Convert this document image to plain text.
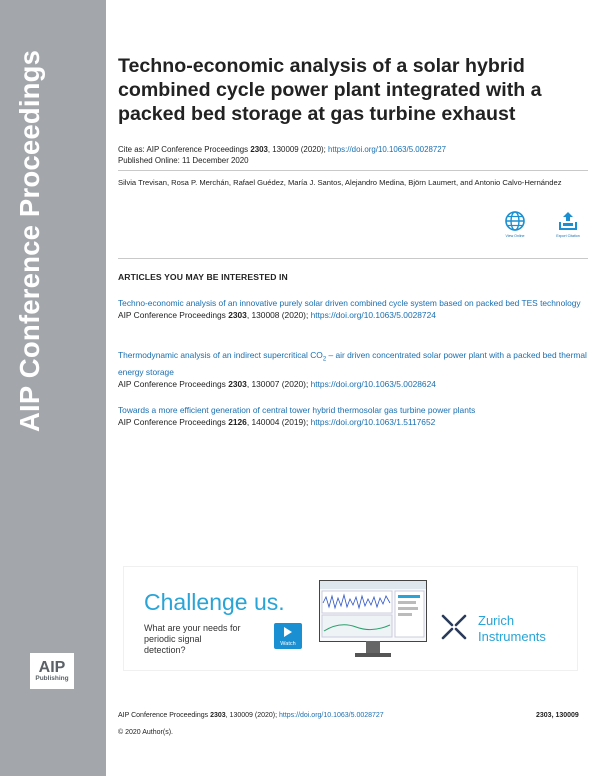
AIP Conference Proceedings
AIP
Publishing
Techno-economic analysis of a solar hybrid combined cycle power plant integrated with a packed bed storage at gas turbine exhaust
Cite as: AIP Conference Proceedings 2303, 130009 (2020); https://doi.org/10.1063/5.0028727
Published Online: 11 December 2020
Silvia Trevisan, Rosa P. Merchán, Rafael Guédez, María J. Santos, Alejandro Medina, Björn Laumert, and Antonio Calvo-Hernández
View Online	Export Citation
ARTICLES YOU MAY BE INTERESTED IN
Techno-economic analysis of an innovative purely solar driven combined cycle system based on packed bed TES technology
AIP Conference Proceedings 2303, 130008 (2020); https://doi.org/10.1063/5.0028724
Thermodynamic analysis of an indirect supercritical $CO_2$ – air driven concentrated solar power plant with a packed bed thermal energy storage
AIP Conference Proceedings 2303, 130007 (2020); https://doi.org/10.1063/5.0028624
Towards a more efficient generation of central tower hybrid thermosolar gas turbine power plants
AIP Conference Proceedings 2126, 140004 (2019); https://doi.org/10.1063/1.5117652
Challenge us.
What are your needs for periodic signal detection?
Watch
Zurich
Instruments
AIP Conference Proceedings 2303, 130009 (2020); https://doi.org/10.1063/5.0028727	2303, 130009
© 2020 Author(s).
